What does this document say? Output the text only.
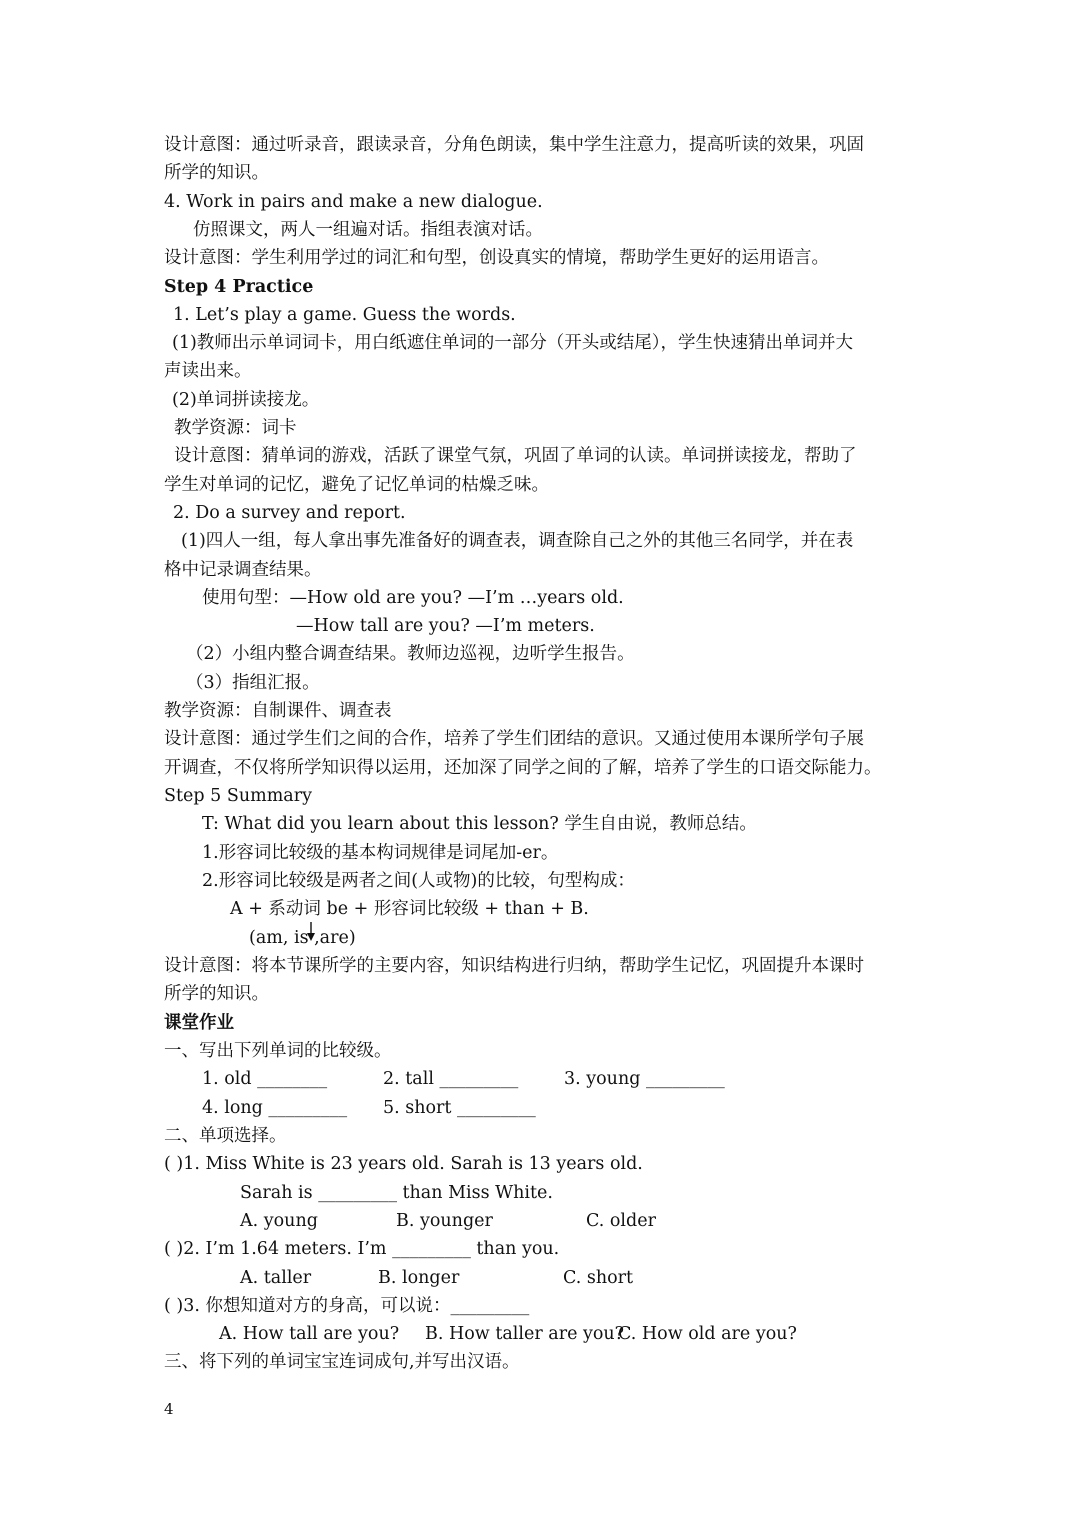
设计意图：通过听录音，跟读录音，分角色朗读，集中学生注意力，提高听读的效果，巩固
所学的知识。
4. Work in pairs and make a new dialogue.
仿照课文，两人一组遍对话。指组表演对话。
设计意图：学生利用学过的词汇和句型，创设真实的情境，帮助学生更好的运用语言。
Step 4 Practice
1. Let’s play a game. Guess the words.
(1)教师出示单词词卡，用白纸遮住单词的一部分（开头或结尾），学生快速猜出单词并大
声读出来。
(2)单词拼读接龙。
教学资源：词卡
设计意图：猜单词的游戏，活跃了课堂气氛，巩固了单词的认读。单词拼读接龙，帮助了
学生对单词的记忆，避免了记忆单词的枯燥乏味。
2. Do a survey and report.
(1)四人一组，每人拿出事先准备好的调查表，调查除自己之外的其他三名同学，并在表
格中记录调查结果。
使用句型：—How old are you? —I’m …years old.
—How tall are you? —I’m meters.
（2）小组内整合调查结果。教师边巡视，边听学生报告。
（3）指组汇报。
教学资源：自制课件、调查表
设计意图：通过学生们之间的合作，培养了学生们团结的意识。又通过使用本课所学句子展
开调查，不仅将所学知识得以运用，还加深了同学之间的了解，培养了学生的口语交际能力。
Step 5 Summary
T: What did you learn about this lesson? 学生自由说，教师总结。
1.形容词比较级的基本构词规律是词尾加-er。
2.形容词比较级是两者之间(人或物)的比较，句型构成：
A + 系动词 be + 形容词比较级 + than + B.
(am, is ,are)
设计意图：将本节课所学的主要内容，知识结构进行归纳，帮助学生记忆，巩固提升本课时
所学的知识。
课堂作业
一、写出下列单词的比较级。
1. old ________	2. tall _________	3. young _________
4. long _________ 5. short _________
二、单项选择。
( )1. Miss White is 23 years old. Sarah is 13 years old.
Sarah is _________ than Miss White.
A. young	B. younger	C. older
( )2. I’m 1.64 meters. I’m _________ than you.
A. taller	B. longer	C. short
( )3. 你想知道对方的身高，可以说：_________
A. How tall are you? B. How taller are you?
C. How old are you?
三、将下列的单词宝宝连词成句,并写出汉语。
4
